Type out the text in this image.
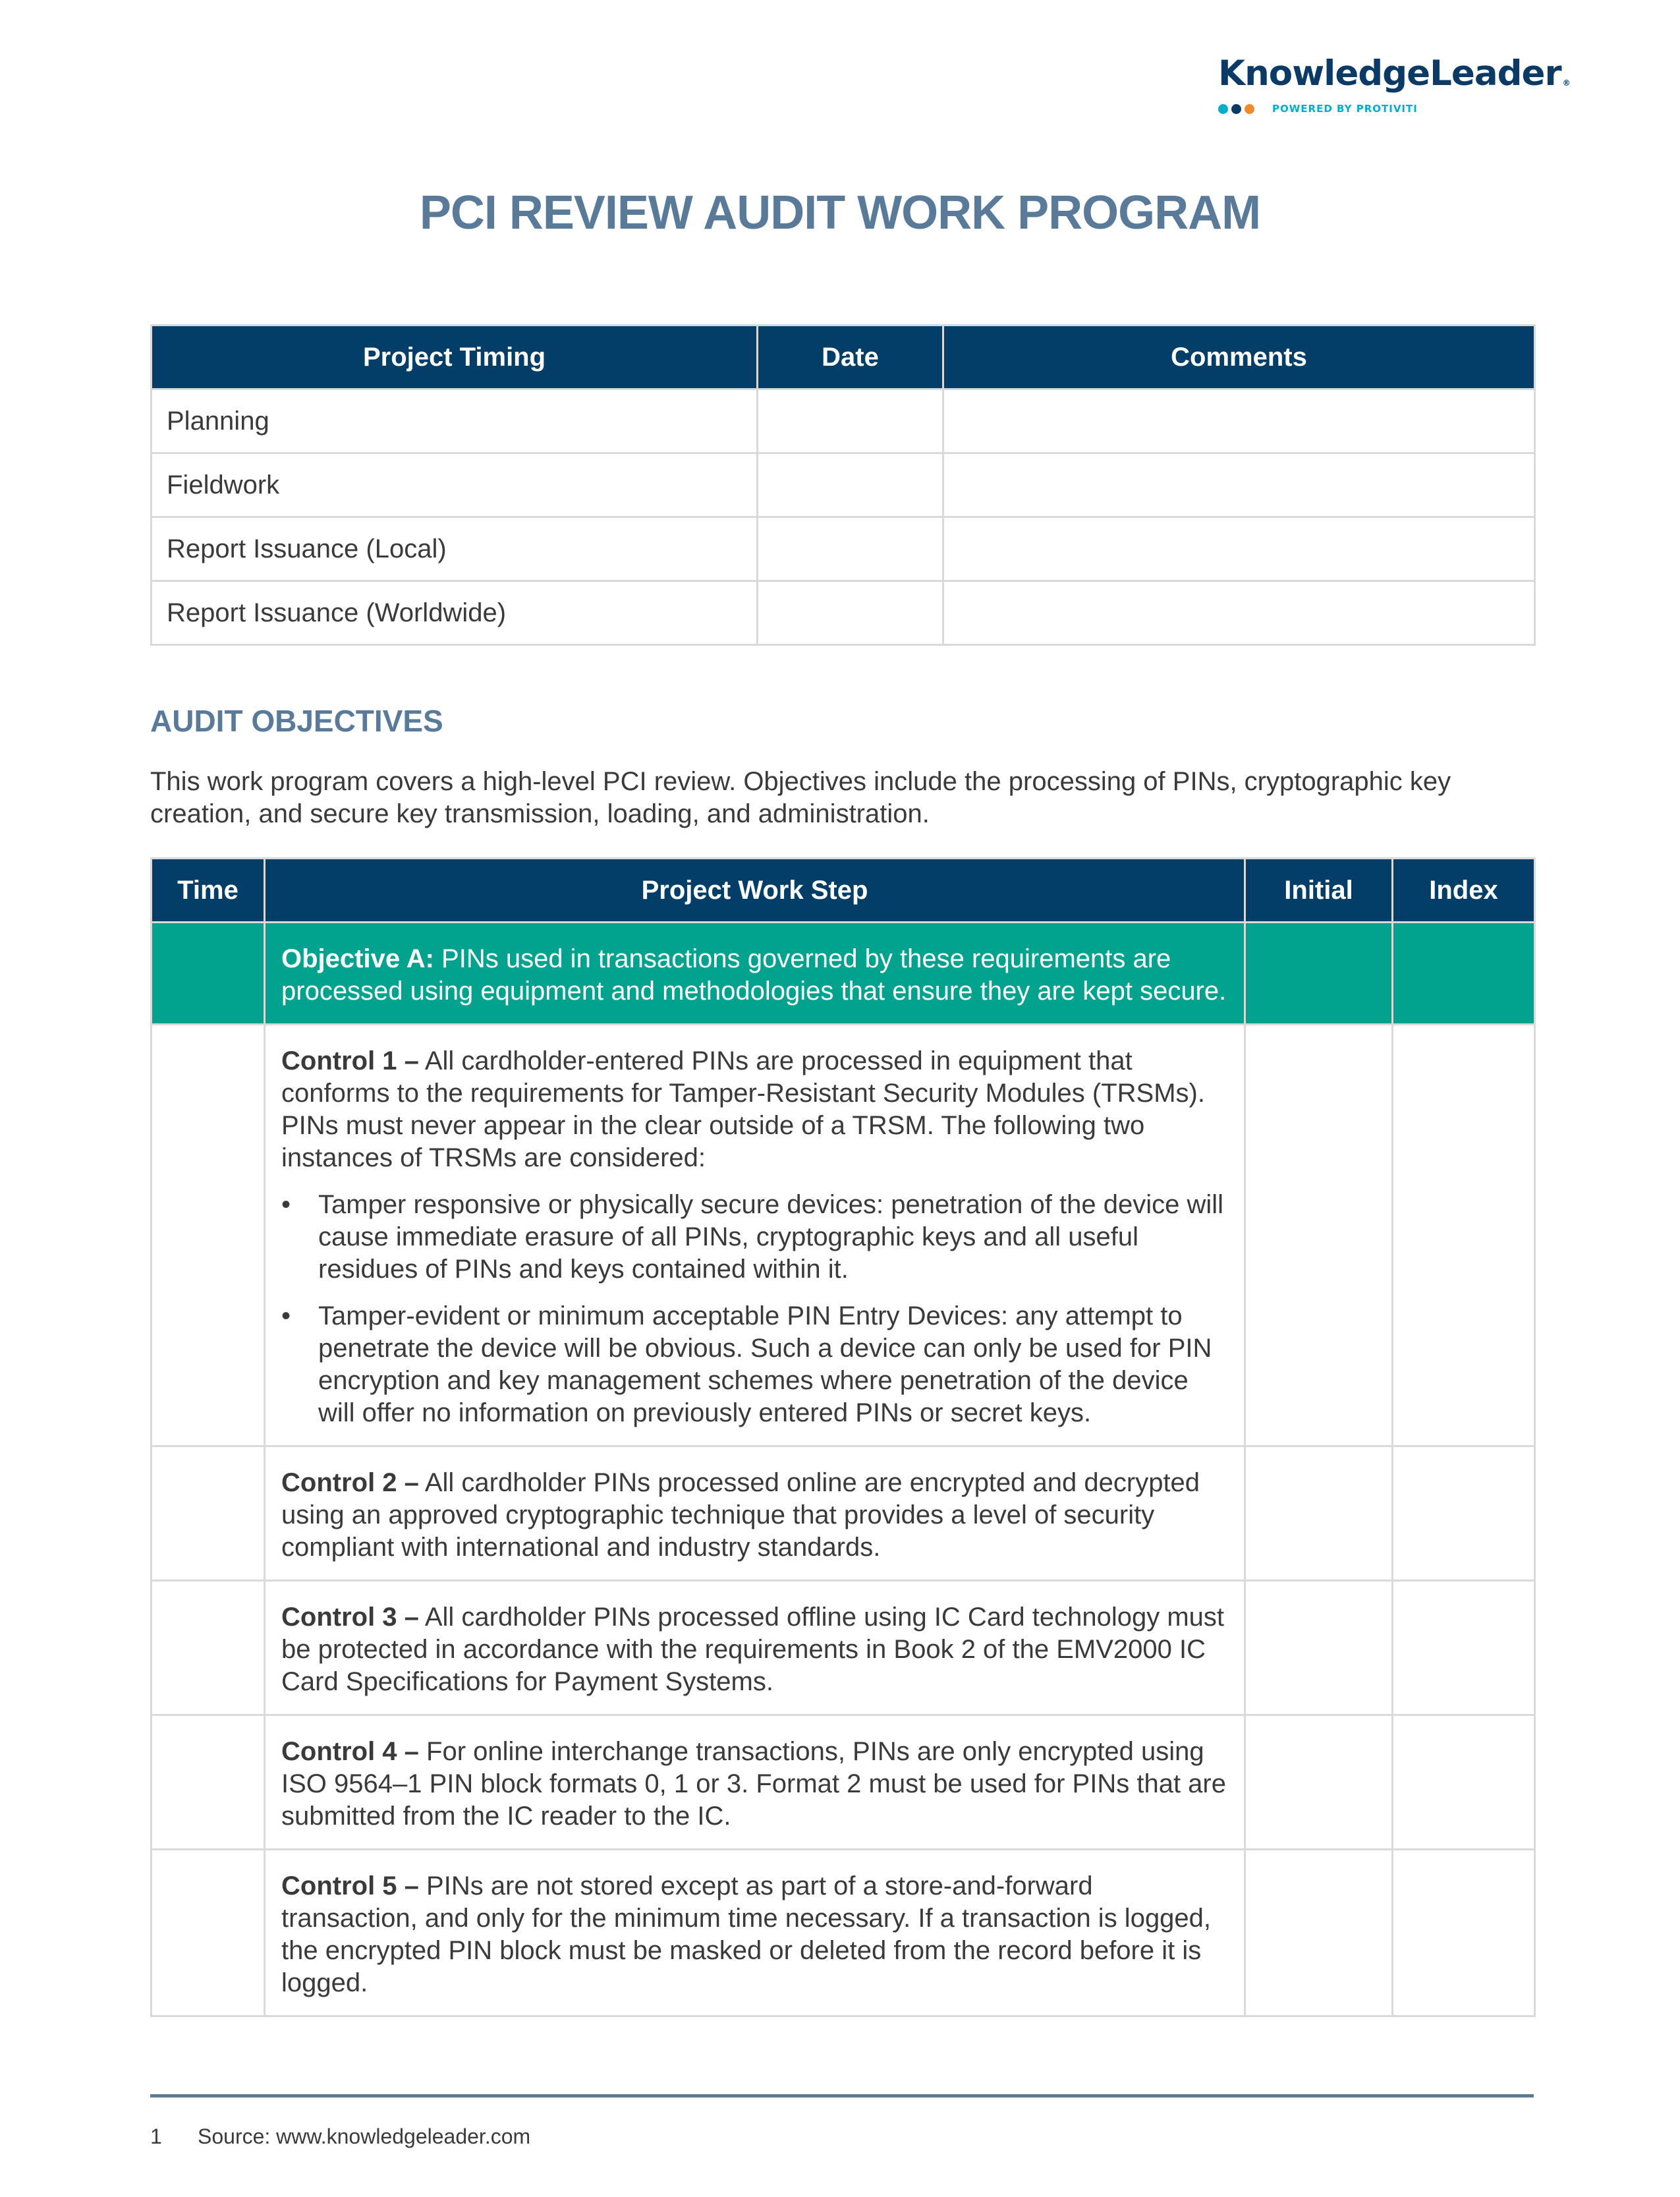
KnowledgeLeader ®
POWERED BY PROTIVITI
PCI REVIEW AUDIT WORK PROGRAM
Project Timing	Date	Comments
Planning		
Fieldwork		
Report Issuance (Local)		
Report Issuance (Worldwide)		
AUDIT OBJECTIVES
This work program covers a high-level PCI review. Objectives include the processing of PINs, cryptographic key creation, and secure key transmission, loading, and administration.
Time	Project Work Step	Initial	Index
	Objective A: PINs used in transactions governed by these requirements are processed using equipment and methodologies that ensure they are kept secure.		
	Control 1 – All cardholder-entered PINs are processed in equipment that conforms to the requirements for Tamper-Resistant Security Modules (TRSMs). PINs must never appear in the clear outside of a TRSM. The following two instances of TRSMs are considered:
• Tamper responsive or physically secure devices: penetration of the device will cause immediate erasure of all PINs, cryptographic keys and all useful residues of PINs and keys contained within it.
• Tamper-evident or minimum acceptable PIN Entry Devices: any attempt to penetrate the device will be obvious. Such a device can only be used for PIN encryption and key management schemes where penetration of the device will offer no information on previously entered PINs or secret keys.

	Control 2 – All cardholder PINs processed online are encrypted and decrypted using an approved cryptographic technique that provides a level of security compliant with international and industry standards.		
	Control 3 – All cardholder PINs processed offline using IC Card technology must be protected in accordance with the requirements in Book 2 of the EMV2000 IC Card Specifications for Payment Systems.		
	Control 4 – For online interchange transactions, PINs are only encrypted using ISO 9564–1 PIN block formats 0, 1 or 3. Format 2 must be used for PINs that are submitted from the IC reader to the IC.		
	Control 5 – PINs are not stored except as part of a store-and-forward transaction, and only for the minimum time necessary. If a transaction is logged, the encrypted PIN block must be masked or deleted from the record before it is logged.		
1	Source: www.knowledgeleader.com
